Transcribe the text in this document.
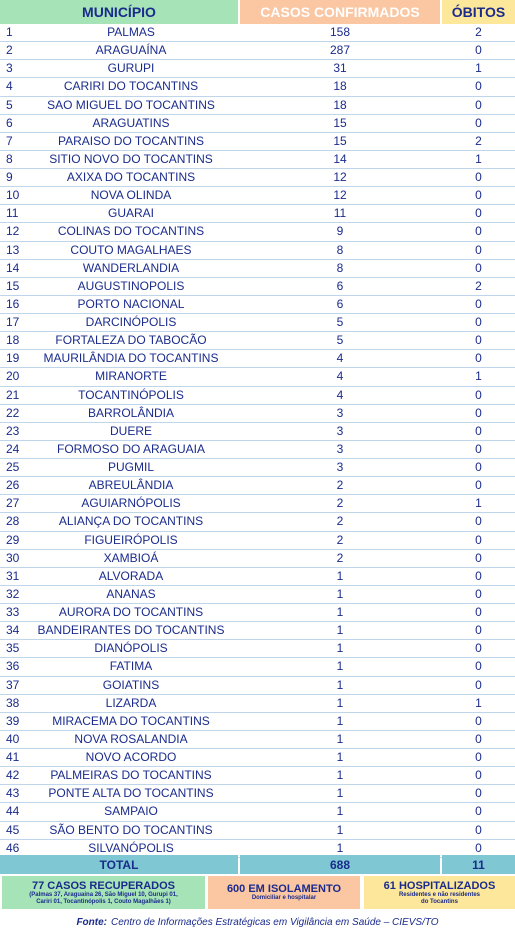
MUNICÍPIO	CASOS CONFIRMADOS	ÓBITOS
1	PALMAS	158	2
2	ARAGUAÍNA	287	0
3	GURUPI	31	1
4	CARIRI DO TOCANTINS	18	0
5	SAO MIGUEL DO TOCANTINS	18	0
6	ARAGUATINS	15	0
7	PARAISO DO TOCANTINS	15	2
8	SITIO NOVO DO TOCANTINS	14	1
9	AXIXA DO TOCANTINS	12	0
10	NOVA OLINDA	12	0
11	GUARAI	11	0
12	COLINAS DO TOCANTINS	9	0
13	COUTO MAGALHAES	8	0
14	WANDERLANDIA	8	0
15	AUGUSTINOPOLIS	6	2
16	PORTO NACIONAL	6	0
17	DARCINÓPOLIS	5	0
18	FORTALEZA DO TABOCÃO	5	0
19	MAURILÂNDIA DO TOCANTINS	4	0
20	MIRANORTE	4	1
21	TOCANTINÓPOLIS	4	0
22	BARROLÂNDIA	3	0
23	DUERE	3	0
24	FORMOSO DO ARAGUAIA	3	0
25	PUGMIL	3	0
26	ABREULÂNDIA	2	0
27	AGUIARNÓPOLIS	2	1
28	ALIANÇA DO TOCANTINS	2	0
29	FIGUEIRÓPOLIS	2	0
30	XAMBIOÁ	2	0
31	ALVORADA	1	0
32	ANANAS	1	0
33	AURORA DO TOCANTINS	1	0
34	BANDEIRANTES DO TOCANTINS	1	0
35	DIANÓPOLIS	1	0
36	FATIMA	1	0
37	GOIATINS	1	0
38	LIZARDA	1	1
39	MIRACEMA DO TOCANTINS	1	0
40	NOVA ROSALANDIA	1	0
41	NOVO ACORDO	1	0
42	PALMEIRAS DO TOCANTINS	1	0
43	PONTE ALTA DO TOCANTINS	1	0
44	SAMPAIO	1	0
45	SÃO BENTO DO TOCANTINS	1	0
46	SILVANÓPOLIS	1	0
TOTAL	688	11
77 CASOS RECUPERADOS
(Palmas 37, Araguaína 26, São Miguel 10, Gurupi 01,
Cariri 01, Tocantinópolis 1, Couto Magalhães 1)
600 EM ISOLAMENTO
Domiciliar e hospitalar
61 HOSPITALIZADOS
Residentes e não residentes
do Tocantins
Fonte: Centro de Informações Estratégicas em Vigilância em Saúde – CIEVS/TO
